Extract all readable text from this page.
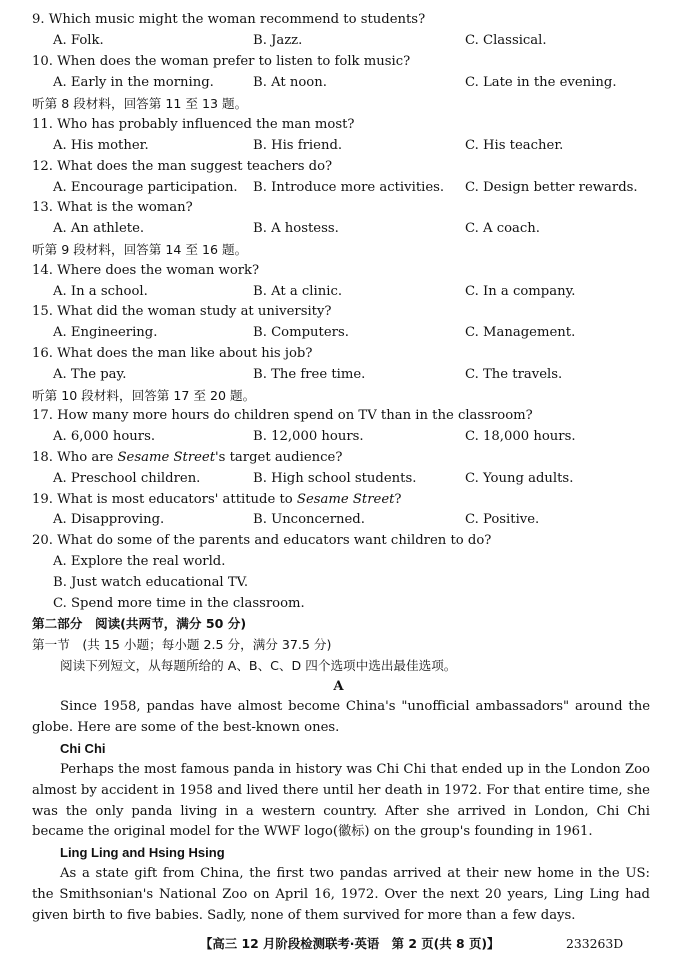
9. Which music might the woman recommend to students?
A. Folk.	B. Jazz.	C. Classical.
10. When does the woman prefer to listen to folk music?
A. Early in the morning.	B. At noon.	C. Late in the evening.
听第 8 段材料，回答第 11 至 13 题。
11. Who has probably influenced the man most?
A. His mother.	B. His friend.	C. His teacher.
12. What does the man suggest teachers do?
A. Encourage participation. B. Introduce more activities. C. Design better rewards.
13. What is the woman?
A. An athlete.	B. A hostess.	C. A coach.
听第 9 段材料，回答第 14 至 16 题。
14. Where does the woman work?
A. In a school.	B. At a clinic.	C. In a company.
15. What did the woman study at university?
A. Engineering.	B. Computers.	C. Management.
16. What does the man like about his job?
A. The pay.	B. The free time.	C. The travels.
听第 10 段材料，回答第 17 至 20 题。
17. How many more hours do children spend on TV than in the classroom?
A. 6,000 hours.	B. 12,000 hours.	C. 18,000 hours.
18. Who are Sesame Street's target audience?
A. Preschool children.	B. High school students.	C. Young adults.
19. What is most educators' attitude to Sesame Street?
A. Disapproving.	B. Unconcerned.	C. Positive.
20. What do some of the parents and educators want children to do?
A. Explore the real world.
B. Just watch educational TV.
C. Spend more time in the classroom.
第二部分　阅读(共两节，满分 50 分)
第一节　(共 15 小题；每小题 2.5 分，满分 37.5 分)
阅读下列短文，从每题所给的 A、B、C、D 四个选项中选出最佳选项。
A
Since 1958, pandas have almost become China's "unofficial ambassadors" around the globe. Here are some of the best-known ones.
Chi Chi
Perhaps the most famous panda in history was Chi Chi that ended up in the London Zoo almost by accident in 1958 and lived there until her death in 1972. For that entire time, she was the only panda living in a western country. After she arrived in London, Chi Chi became the original model for the WWF logo(徽标) on the group's founding in 1961.
Ling Ling and Hsing Hsing
As a state gift from China, the first two pandas arrived at their new home in the US: the Smithsonian's National Zoo on April 16, 1972. Over the next 20 years, Ling Ling had given birth to five babies. Sadly, none of them survived for more than a few days.
【高三 12 月阶段检测联考·英语　第 2 页(共 8 页)】	233263D
